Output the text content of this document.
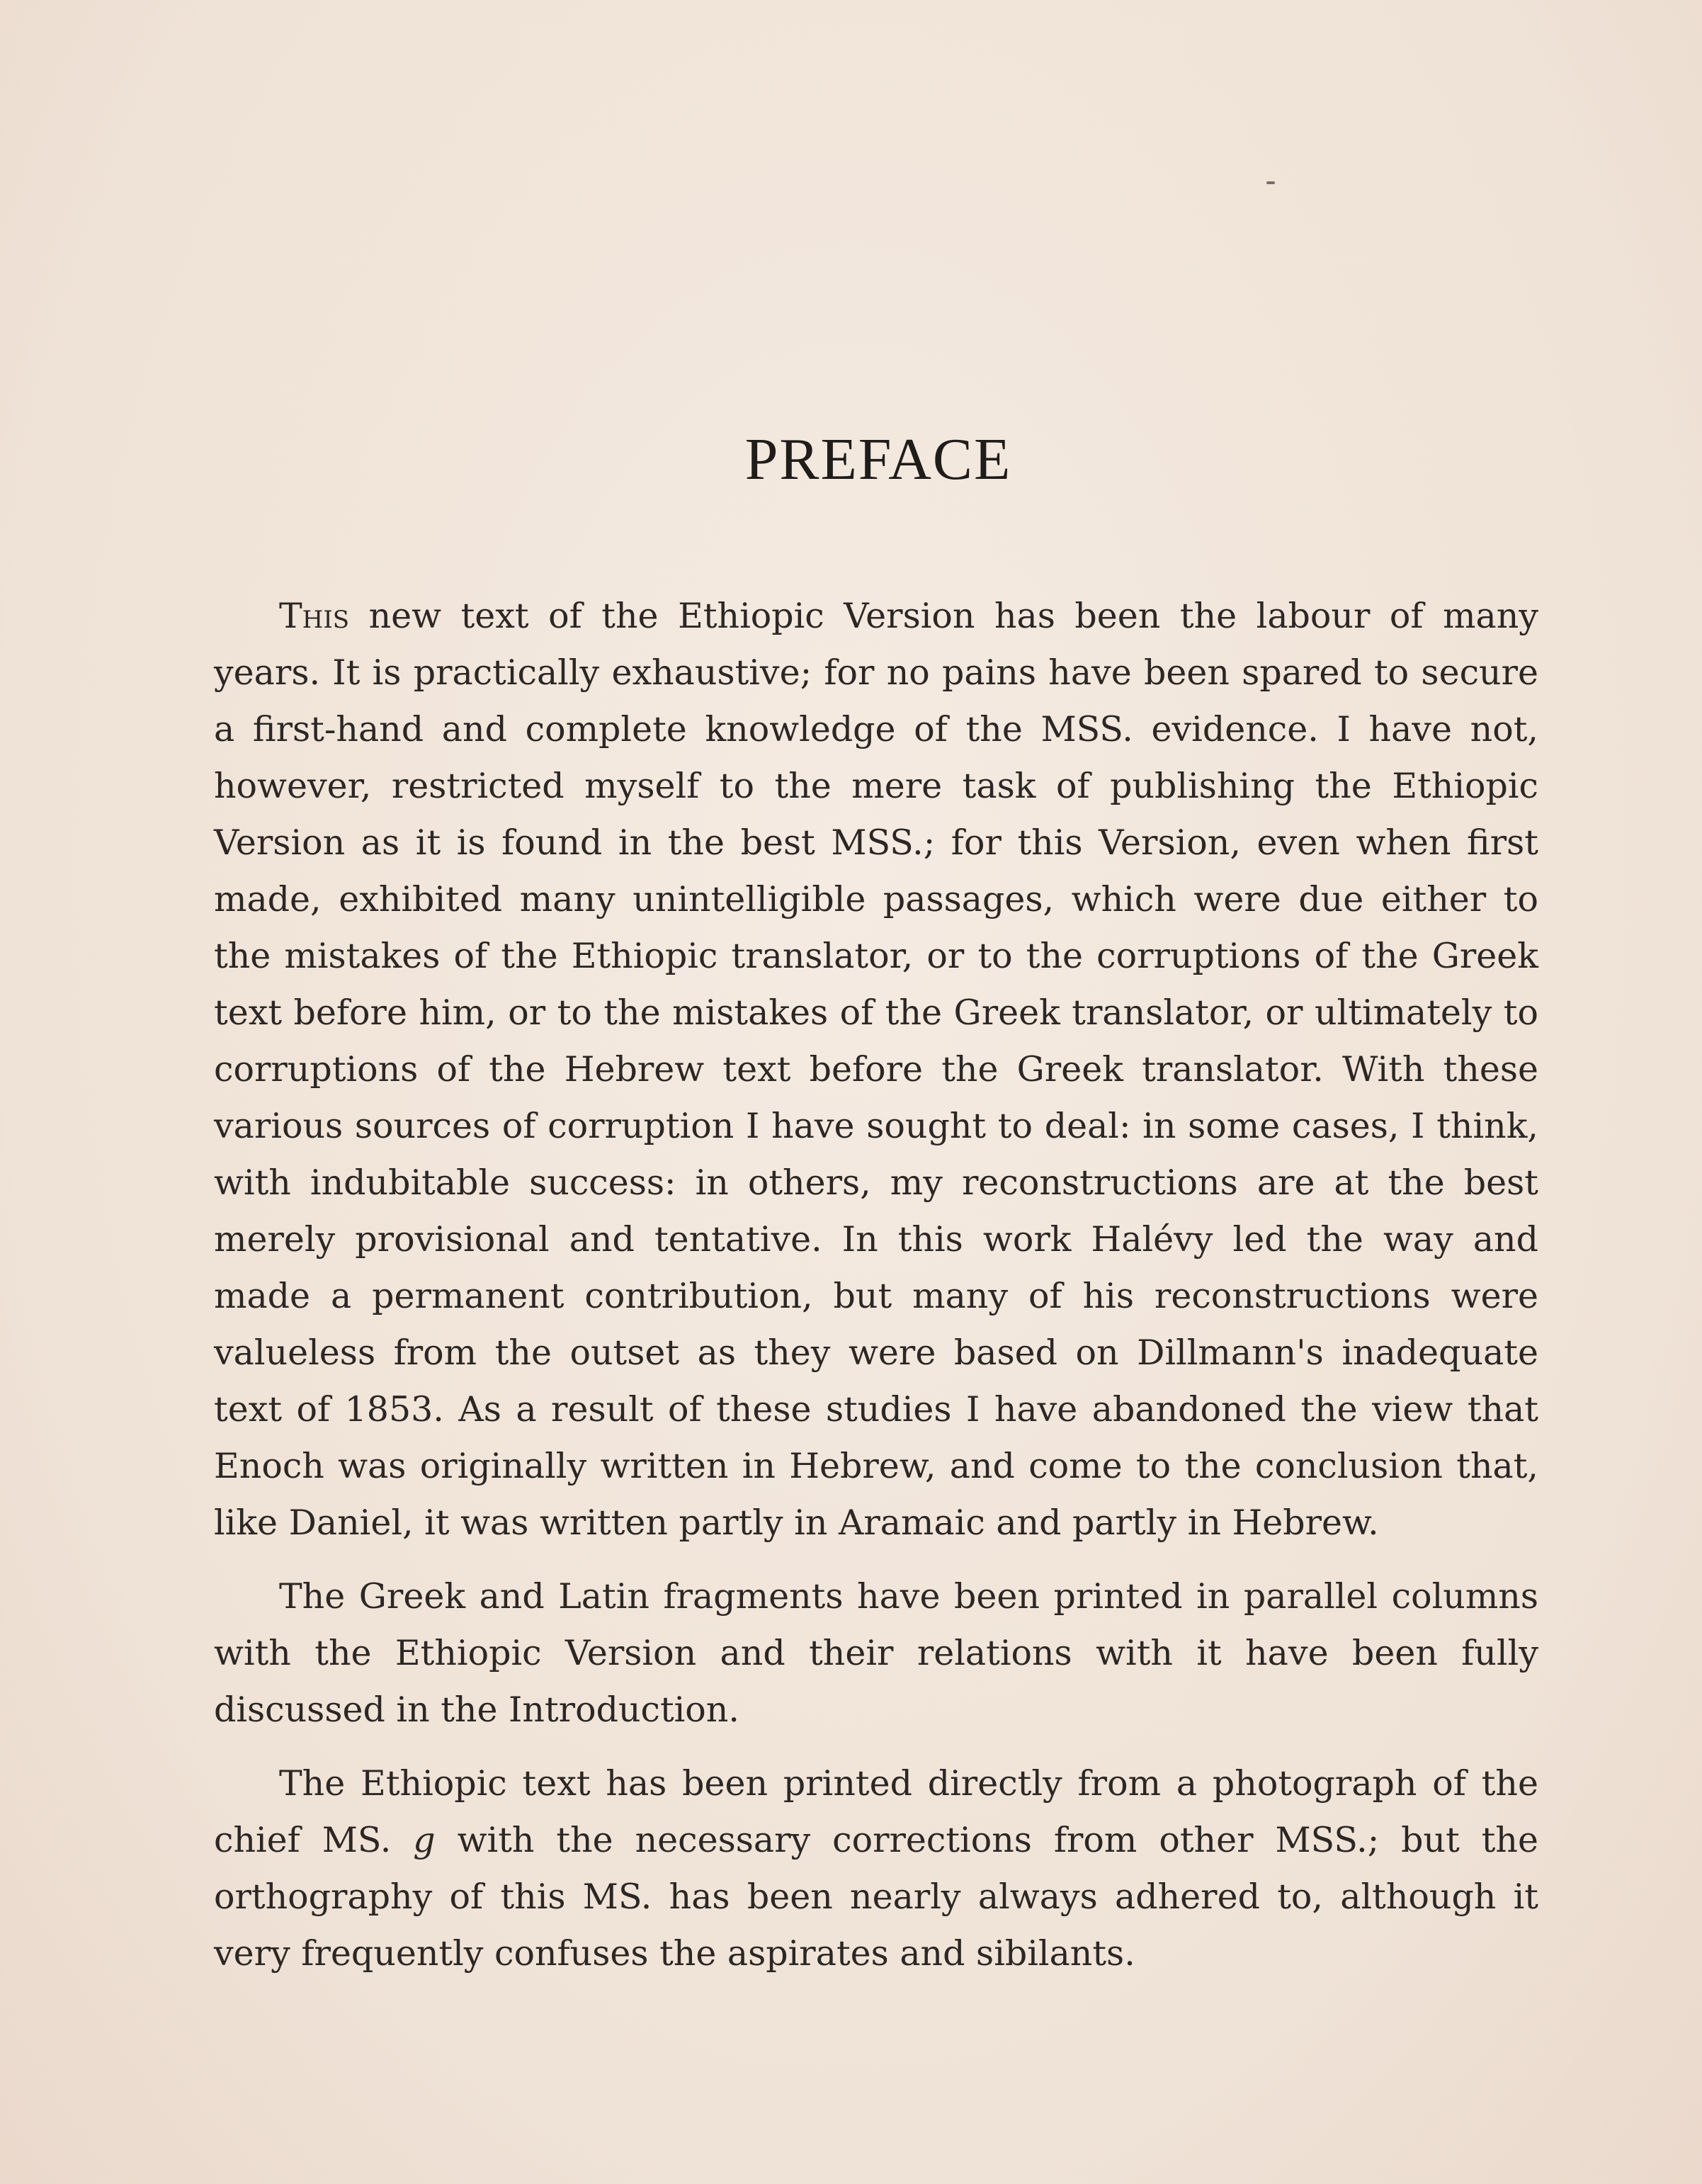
PREFACE

This new text of the Ethiopic Version has been the labour of many years. It is practically exhaustive; for no pains have been spared to secure a first-hand and complete knowledge of the MSS. evidence. I have not, however, restricted myself to the mere task of publishing the Ethiopic Version as it is found in the best MSS.; for this Version, even when first made, exhibited many unintelligible passages, which were due either to the mistakes of the Ethiopic translator, or to the corruptions of the Greek text before him, or to the mistakes of the Greek translator, or ultimately to corruptions of the Hebrew text before the Greek translator. With these various sources of corruption I have sought to deal: in some cases, I think, with indubitable success: in others, my reconstructions are at the best merely provisional and tentative. In this work Halévy led the way and made a permanent contribution, but many of his reconstructions were valueless from the outset as they were based on Dillmann's inadequate text of 1853. As a result of these studies I have abandoned the view that Enoch was originally written in Hebrew, and come to the conclusion that, like Daniel, it was written partly in Aramaic and partly in Hebrew.

The Greek and Latin fragments have been printed in parallel columns with the Ethiopic Version and their relations with it have been fully discussed in the Introduction.

The Ethiopic text has been printed directly from a photograph of the chief MS. g with the necessary corrections from other MSS.; but the orthography of this MS. has been nearly always adhered to, although it very frequently confuses the aspirates and sibilants.
